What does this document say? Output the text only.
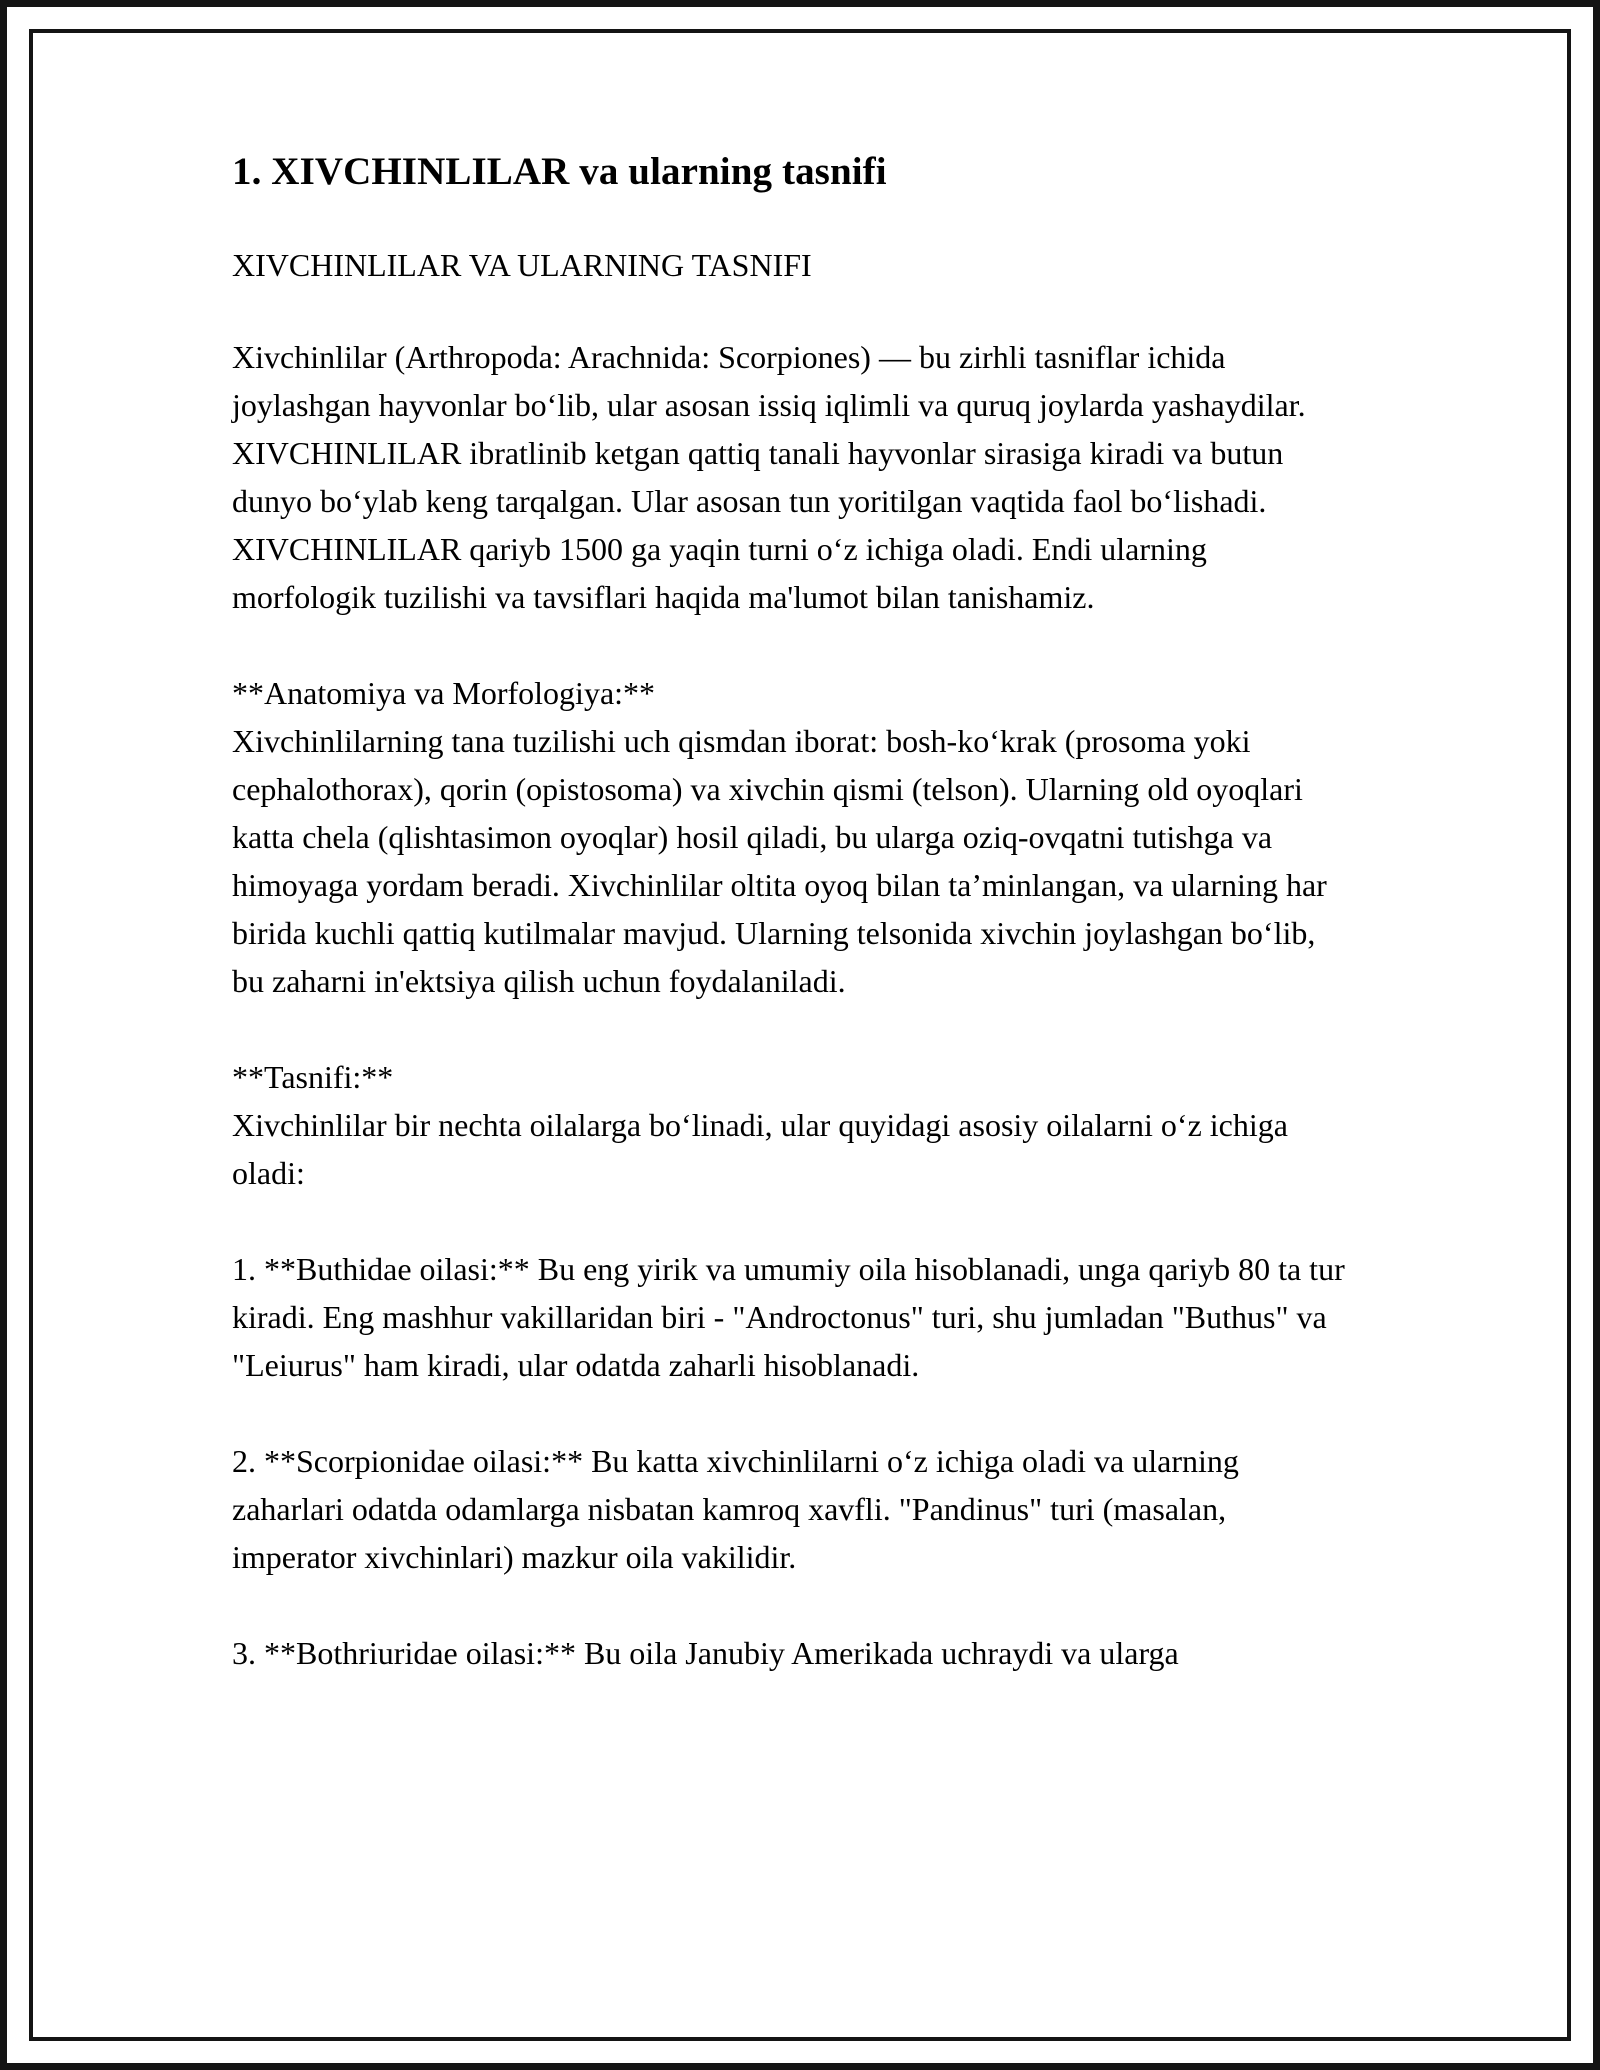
1. XIVCHINLILAR va ularning tasnifi

XIVCHINLILAR VA ULARNING TASNIFI

Xivchinlilar (Arthropoda: Arachnida: Scorpiones) — bu zirhli tasniflar ichida joylashgan hayvonlar bo‘lib, ular asosan issiq iqlimli va quruq joylarda yashaydilar. XIVCHINLILAR ibratlinib ketgan qattiq tanali hayvonlar sirasiga kiradi va butun dunyo bo‘ylab keng tarqalgan. Ular asosan tun yoritilgan vaqtida faol bo‘lishadi. XIVCHINLILAR qariyb 1500 ga yaqin turni o‘z ichiga oladi. Endi ularning morfologik tuzilishi va tavsiflari haqida ma'lumot bilan tanishamiz.

**Anatomiya va Morfologiya:**

Xivchinlilarning tana tuzilishi uch qismdan iborat: bosh-ko‘krak (prosoma yoki cephalothorax), qorin (opistosoma) va xivchin qismi (telson). Ularning old oyoqlari katta chela (qlishtasimon oyoqlar) hosil qiladi, bu ularga oziq-ovqatni tutishga va himoyaga yordam beradi. Xivchinlilar oltita oyoq bilan ta’minlangan, va ularning har birida kuchli qattiq kutilmalar mavjud. Ularning telsonida xivchin joylashgan bo‘lib, bu zaharni in'ektsiya qilish uchun foydalaniladi.

**Tasnifi:**

Xivchinlilar bir nechta oilalarga bo‘linadi, ular quyidagi asosiy oilalarni o‘z ichiga oladi:

1. **Buthidae oilasi:** Bu eng yirik va umumiy oila hisoblanadi, unga qariyb 80 ta tur kiradi. Eng mashhur vakillaridan biri - "Androctonus" turi, shu jumladan "Buthus" va "Leiurus" ham kiradi, ular odatda zaharli hisoblanadi.

2. **Scorpionidae oilasi:** Bu katta xivchinlilarni o‘z ichiga oladi va ularning zaharlari odatda odamlarga nisbatan kamroq xavfli. "Pandinus" turi (masalan, imperator xivchinlari) mazkur oila vakilidir.

3. **Bothriuridae oilasi:** Bu oila Janubiy Amerikada uchraydi va ularga
